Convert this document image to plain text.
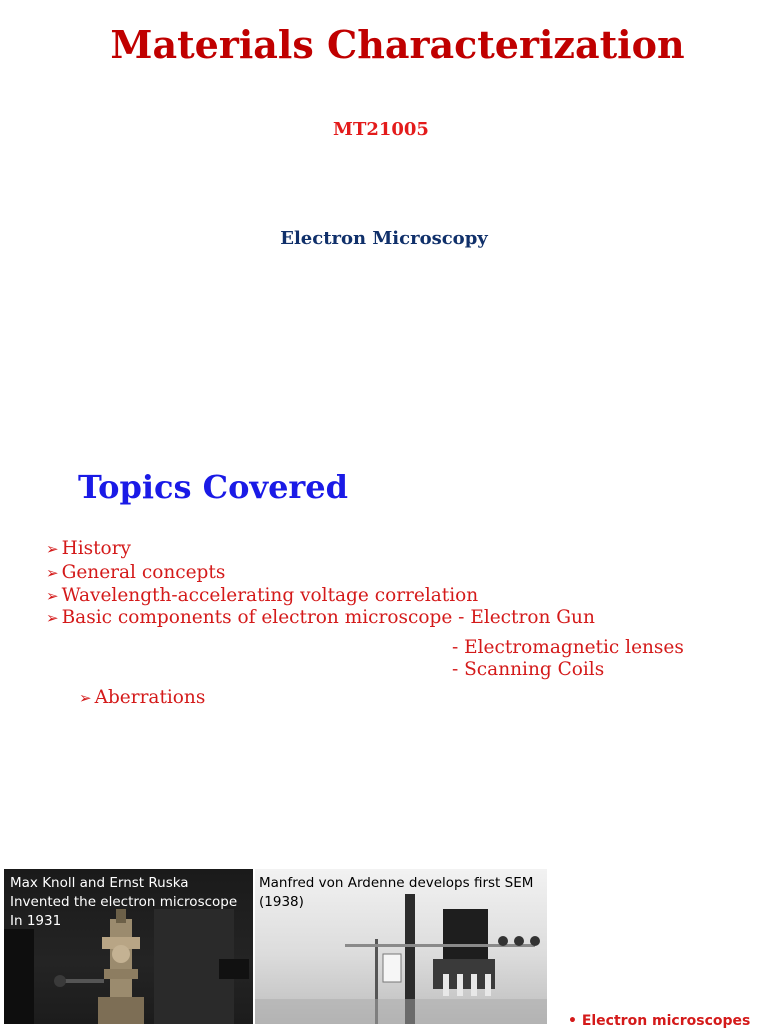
Materials Characterization
MT21005
Electron Microscopy
Topics Covered
➢ History
➢ General concepts
➢ Wavelength-accelerating voltage correlation
➢ Basic components of electron microscope - Electron Gun
- Electromagnetic lenses
- Scanning Coils
➢ Aberrations
Max Knoll and Ernst Ruska
Invented the electron microscope
In 1931
Manfred von Ardenne develops first SEM
(1938)
• Electron microscopes
